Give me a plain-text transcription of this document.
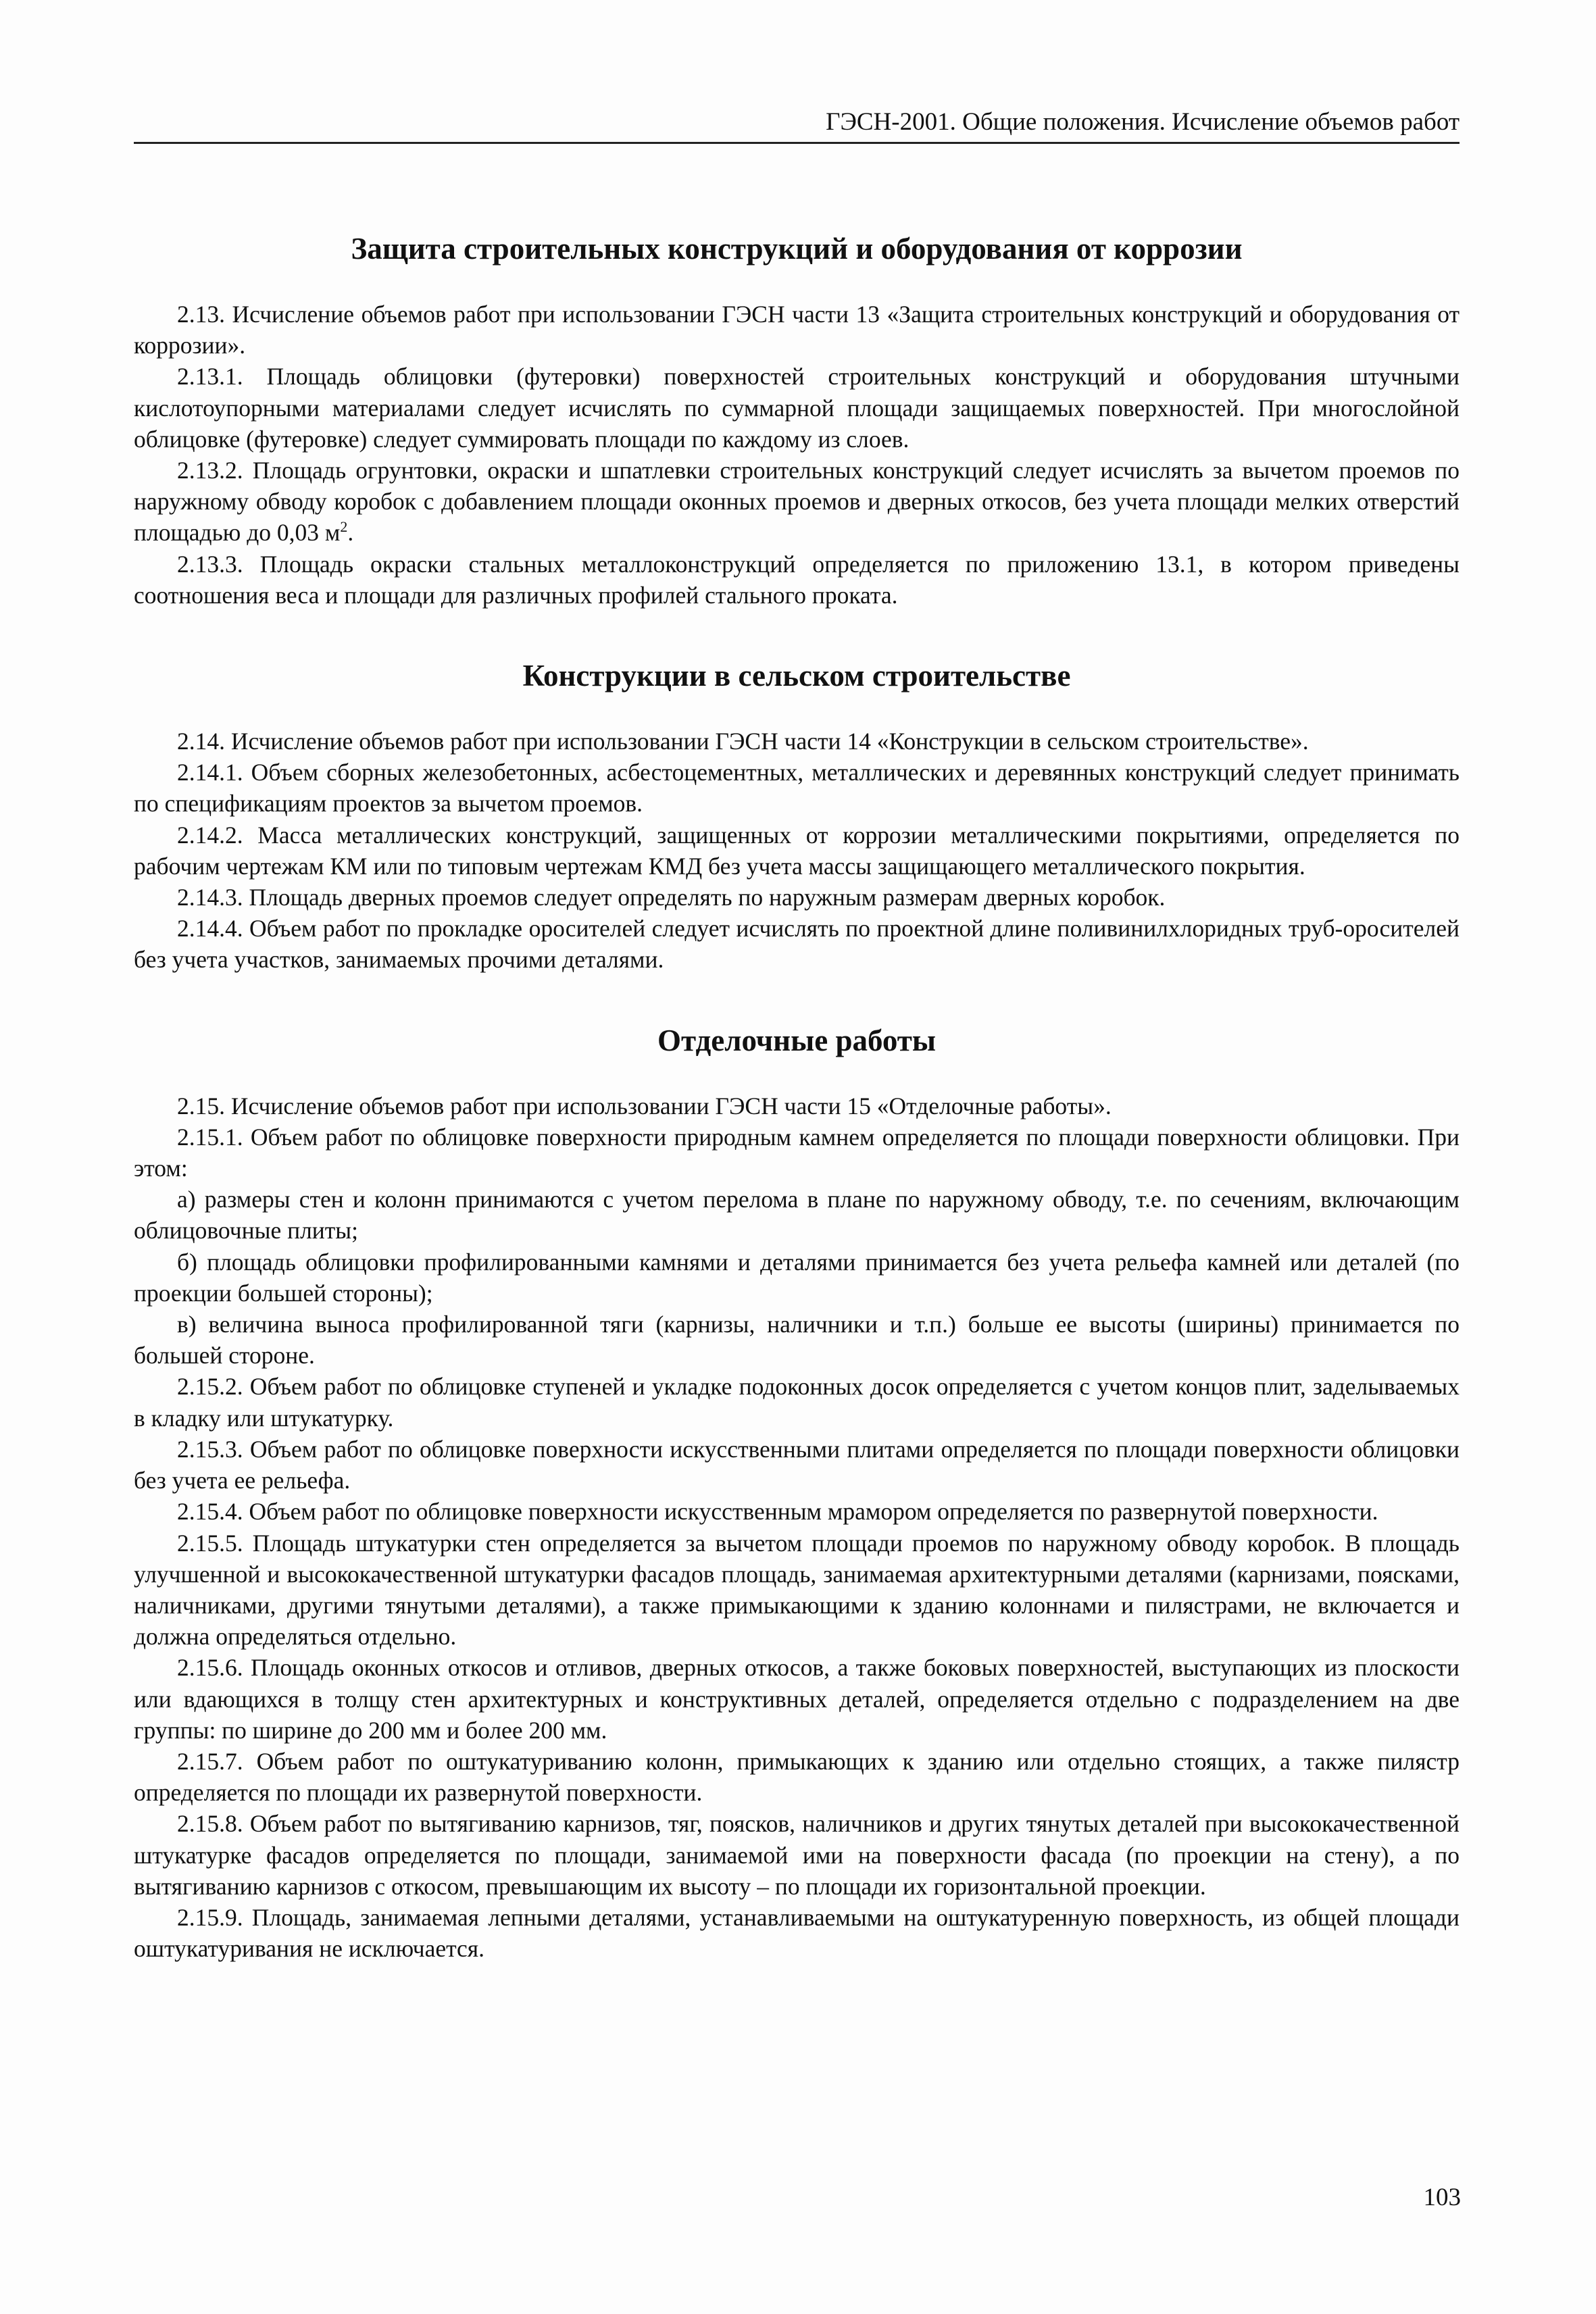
ГЭСН-2001. Общие положения. Исчисление объемов работ
Защита строительных конструкций и оборудования от коррозии

2.13. Исчисление объемов работ при использовании ГЭСН части 13 «Защита строительных конструкций и оборудования от коррозии».

2.13.1. Площадь облицовки (футеровки) поверхностей строительных конструкций и оборудования штучными кислотоупорными материалами следует исчислять по суммарной площади защищаемых поверхностей. При многослойной облицовке (футеровке) следует суммировать площади по каждому из слоев.

2.13.2. Площадь огрунтовки, окраски и шпатлевки строительных конструкций следует исчислять за вычетом проемов по наружному обводу коробок с добавлением площади оконных проемов и дверных откосов, без учета площади мелких отверстий площадью до 0,03 $м^2$.

2.13.3. Площадь окраски стальных металлоконструкций определяется по приложению 13.1, в котором приведены соотношения веса и площади для различных профилей стального проката.

Конструкции в сельском строительстве

2.14. Исчисление объемов работ при использовании ГЭСН части 14 «Конструкции в сельском строительстве».

2.14.1. Объем сборных железобетонных, асбестоцементных, металлических и деревянных конструкций следует принимать по спецификациям проектов за вычетом проемов.

2.14.2. Масса металлических конструкций, защищенных от коррозии металлическими покрытиями, определяется по рабочим чертежам КМ или по типовым чертежам КМД без учета массы защищающего металлического покрытия.

2.14.3. Площадь дверных проемов следует определять по наружным размерам дверных коробок.

2.14.4. Объем работ по прокладке оросителей следует исчислять по проектной длине поливинилхлоридных труб-оросителей без учета участков, занимаемых прочими деталями.

Отделочные работы

2.15. Исчисление объемов работ при использовании ГЭСН части 15 «Отделочные работы».

2.15.1. Объем работ по облицовке поверхности природным камнем определяется по площади поверхности облицовки. При этом:

а) размеры стен и колонн принимаются с учетом перелома в плане по наружному обводу, т.е. по сечениям, включающим облицовочные плиты;

б) площадь облицовки профилированными камнями и деталями принимается без учета рельефа камней или деталей (по проекции большей стороны);

в) величина выноса профилированной тяги (карнизы, наличники и т.п.) больше ее высоты (ширины) принимается по большей стороне.

2.15.2. Объем работ по облицовке ступеней и укладке подоконных досок определяется с учетом концов плит, заделываемых в кладку или штукатурку.

2.15.3. Объем работ по облицовке поверхности искусственными плитами определяется по площади поверхности облицовки без учета ее рельефа.

2.15.4. Объем работ по облицовке поверхности искусственным мрамором определяется по развернутой поверхности.

2.15.5. Площадь штукатурки стен определяется за вычетом площади проемов по наружному обводу коробок. В площадь улучшенной и высококачественной штукатурки фасадов площадь, занимаемая архитектурными деталями (карнизами, поясками, наличниками, другими тянутыми деталями), а также примыкающими к зданию колоннами и пилястрами, не включается и должна определяться отдельно.

2.15.6. Площадь оконных откосов и отливов, дверных откосов, а также боковых поверхностей, выступающих из плоскости или вдающихся в толщу стен архитектурных и конструктивных деталей, определяется отдельно с подразделением на две группы: по ширине до 200 мм и более 200 мм.

2.15.7. Объем работ по оштукатуриванию колонн, примыкающих к зданию или отдельно стоящих, а также пилястр определяется по площади их развернутой поверхности.

2.15.8. Объем работ по вытягиванию карнизов, тяг, поясков, наличников и других тянутых деталей при высококачественной штукатурке фасадов определяется по площади, занимаемой ими на поверхности фасада (по проекции на стену), а по вытягиванию карнизов с откосом, превышающим их высоту – по площади их горизонтальной проекции.

2.15.9. Площадь, занимаемая лепными деталями, устанавливаемыми на оштукатуренную поверхность, из общей площади оштукатуривания не исключается.

103
